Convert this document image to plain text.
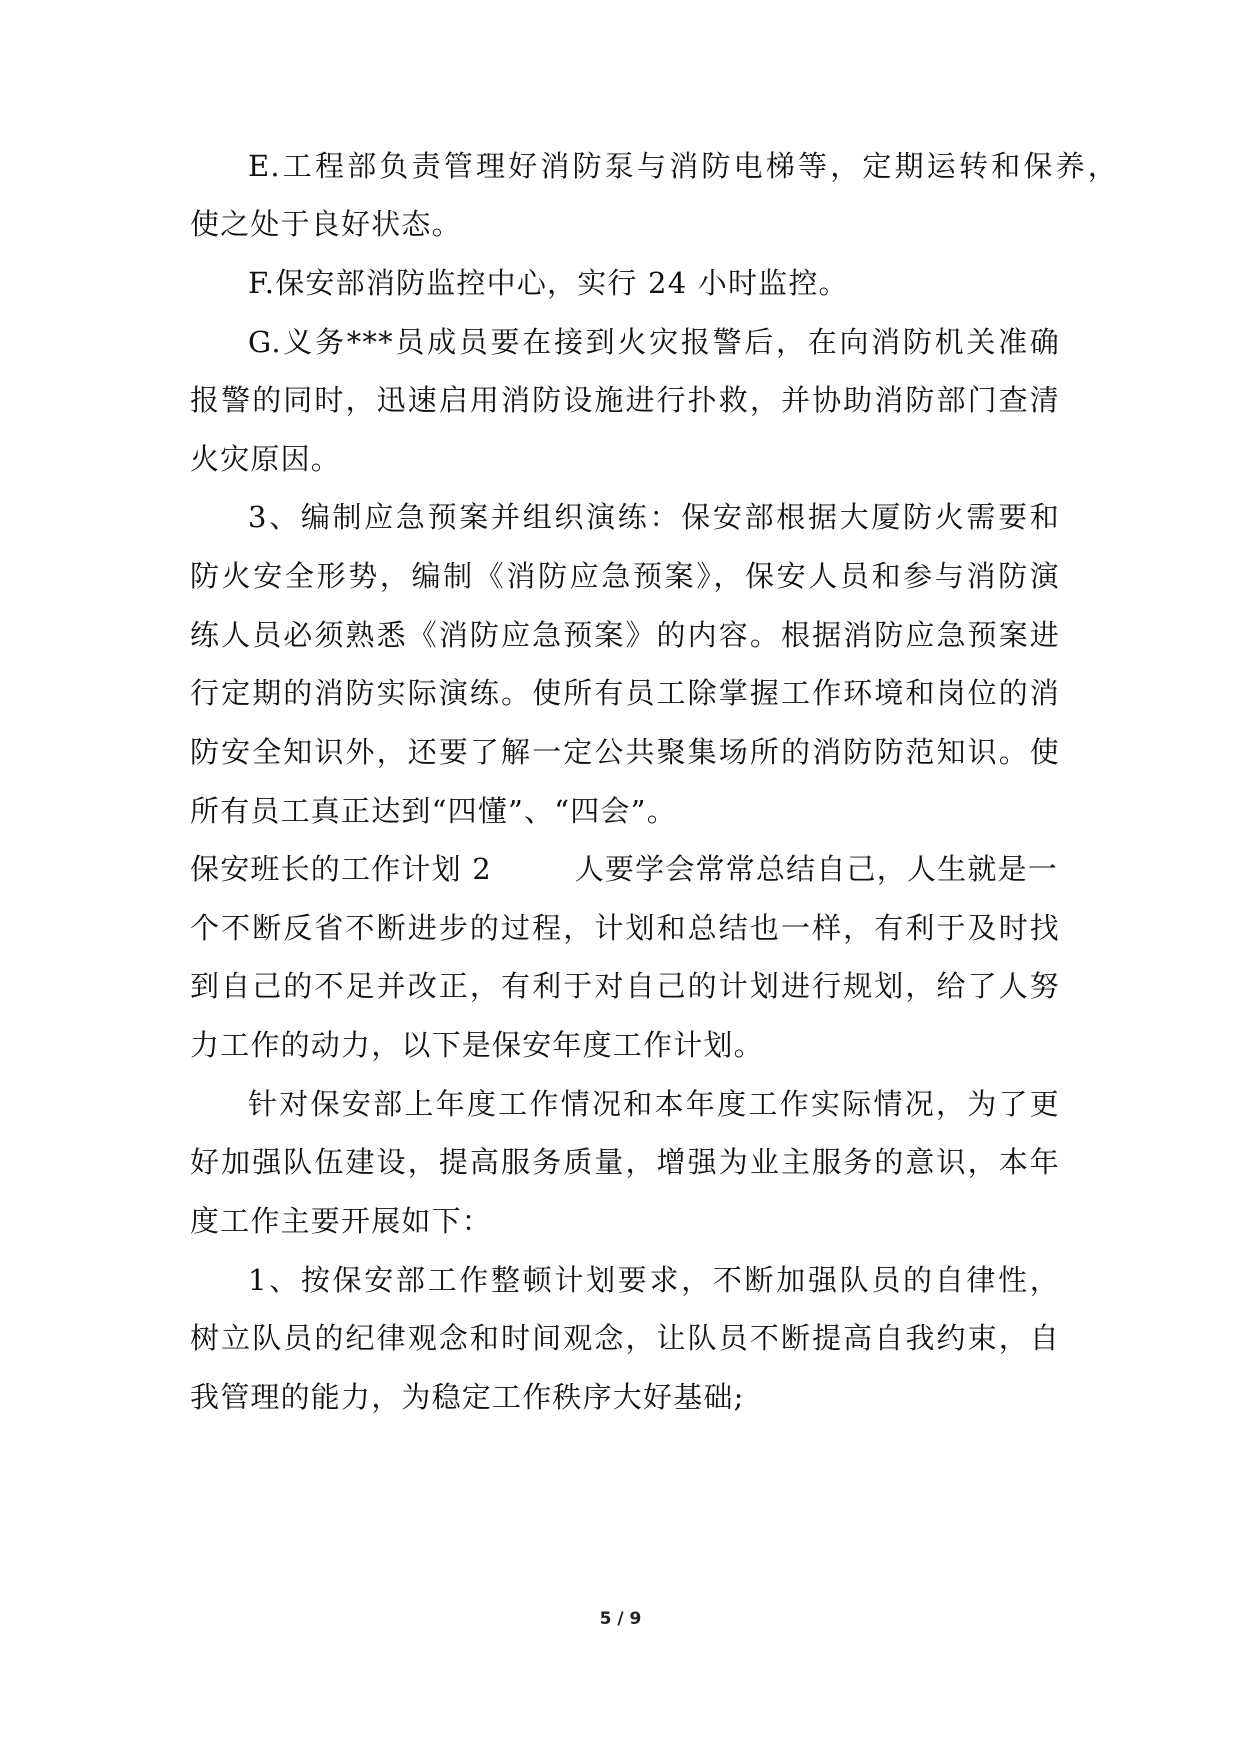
E.工程部负责管理好消防泵与消防电梯等，定期运转和保养，
使之处于良好状态。
F.保安部消防监控中心，实行 24 小时监控。
G.义务***员成员要在接到火灾报警后，在向消防机关准确
报警的同时，迅速启用消防设施进行扑救，并协助消防部门查清
火灾原因。
3、编制应急预案并组织演练：保安部根据大厦防火需要和
防火安全形势，编制《消防应急预案》，保安人员和参与消防演
练人员必须熟悉《消防应急预案》的内容。根据消防应急预案进
行定期的消防实际演练。使所有员工除掌握工作环境和岗位的消
防安全知识外，还要了解一定公共聚集场所的消防防范知识。使
所有员工真正达到“四懂”、“四会”。
保安班长的工作计划 2	人要学会常常总结自己，人生就是一
个不断反省不断进步的过程，计划和总结也一样，有利于及时找
到自己的不足并改正，有利于对自己的计划进行规划，给了人努
力工作的动力，以下是保安年度工作计划。
针对保安部上年度工作情况和本年度工作实际情况，为了更
好加强队伍建设，提高服务质量，增强为业主服务的意识，本年
度工作主要开展如下：
1、按保安部工作整顿计划要求，不断加强队员的自律性，
树立队员的纪律观念和时间观念，让队员不断提高自我约束，自
我管理的能力，为稳定工作秩序大好基础;
5 / 9
